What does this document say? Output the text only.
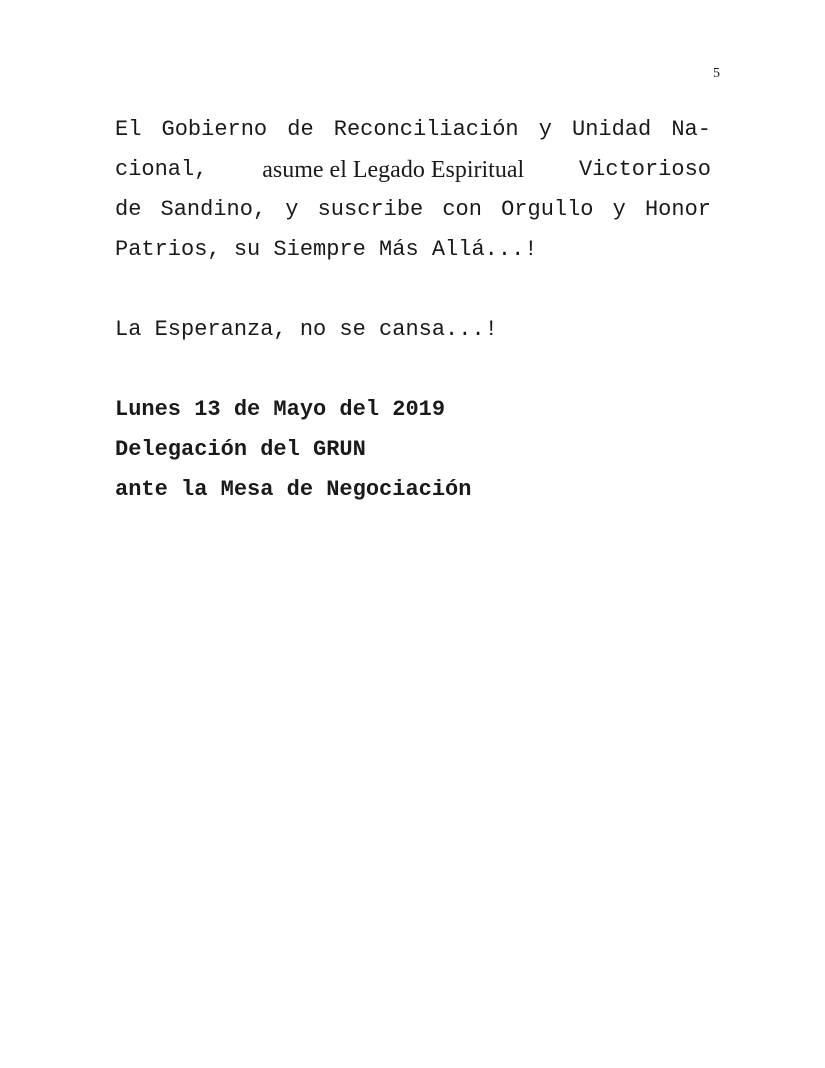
5
El Gobierno de Reconciliación y Unidad Na-
cional, asume el Legado Espiritual Victorioso
de Sandino, y suscribe con Orgullo y Honor
Patrios, su Siempre Más Allá...!
La Esperanza, no se cansa...!
Lunes 13 de Mayo del 2019
Delegación del GRUN
ante la Mesa de Negociación
